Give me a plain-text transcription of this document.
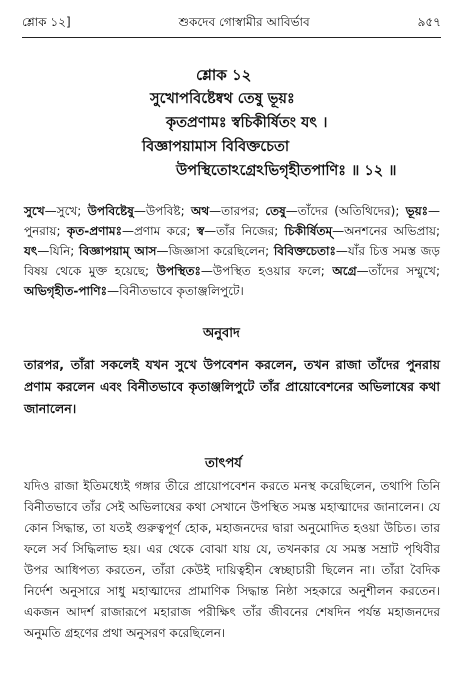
শ্লোক ১২]	শুকদেব গোস্বামীর আবির্ভাব	৯৫৭
শ্লোক ১২
সুখোপবিষ্টেষ্বথ তেষু ভূয়ঃ
কৃতপ্রণামঃ স্বচিকীর্ষিতং যৎ ।
বিজ্ঞাপয়ামাস বিবিক্তচেতা
উপস্থিতোঽগ্রেঽভিগৃহীতপাণিঃ ॥ ১২ ॥

সুখে—সুখে; উপবিষ্টেষু—উপবিষ্ট; অথ—তারপর; তেষু—তাঁদের (অতিথিদের); ভূয়ঃ—পুনরায়; কৃত-প্রণামঃ—প্রণাম করে; স্ব—তাঁর নিজের; চিকীর্ষিতম্—অনশনের অভিপ্রায়; যৎ—যিনি; বিজ্ঞাপয়াম্ আস—জিজ্ঞাসা করেছিলেন; বিবিক্তচেতাঃ—যাঁর চিত্ত সমস্ত জড় বিষয় থেকে মুক্ত হয়েছে; উপস্থিতঃ—উপস্থিত হওয়ার ফলে; অগ্রে—তাঁদের সম্মুখে; অভিগৃহীত-পাণিঃ—বিনীতভাবে কৃতাঞ্জলিপুটে।

অনুবাদ

তারপর, তাঁরা সকলেই যখন সুখে উপবেশন করলেন, তখন রাজা তাঁদের পুনরায় প্রণাম করলেন এবং বিনীতভাবে কৃতাঞ্জলিপুটে তাঁর প্রায়োবেশনের অভিলাষের কথা জানালেন।

তাৎপর্য

যদিও রাজা ইতিমধ্যেই গঙ্গার তীরে প্রায়োপবেশন করতে মনস্থ করেছিলেন, তথাপি তিনি বিনীতভাবে তাঁর সেই অভিলাষের কথা সেখানে উপস্থিত সমস্ত মহাত্মাদের জানালেন। যে কোন সিদ্ধান্ত, তা যতই গুরুত্বপূর্ণ হোক, মহাজনদের দ্বারা অনুমোদিত হওয়া উচিত। তার ফলে সর্ব সিদ্ধিলাভ হয়। এর থেকে বোঝা যায় যে, তখনকার যে সমস্ত সম্রাট পৃথিবীর উপর আধিপত্য করতেন, তাঁরা কেউই দায়িত্বহীন স্বেচ্ছাচারী ছিলেন না। তাঁরা বৈদিক নির্দেশ অনুসারে সাধু মহাত্মাদের প্রামাণিক সিদ্ধান্ত নিষ্ঠা সহকারে অনুশীলন করতেন। একজন আদর্শ রাজারূপে মহারাজ পরীক্ষিৎ তাঁর জীবনের শেষদিন পর্যন্ত মহাজনদের অনুমতি গ্রহণের প্রথা অনুসরণ করেছিলেন।
